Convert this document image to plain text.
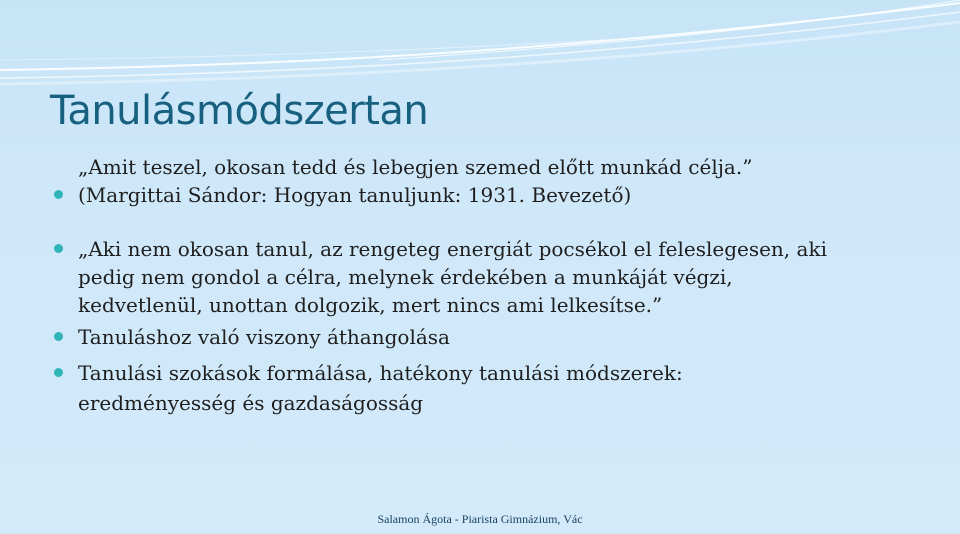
Tanulásmódszertan
„Amit teszel, okosan tedd és lebegjen szemed előtt munkád célja.”
(Margittai Sándor: Hogyan tanuljunk: 1931. Bevezető)
„Aki nem okosan tanul, az rengeteg energiát pocsékol el feleslegesen, aki
pedig nem gondol a célra, melynek érdekében a munkáját végzi,
kedvetlenül, unottan dolgozik, mert nincs ami lelkesítse.”
Tanuláshoz való viszony áthangolása
Tanulási szokások formálása, hatékony tanulási módszerek:
eredményesség és gazdaságosság
Salamon Ágota - Piarista Gimnázium, Vác
